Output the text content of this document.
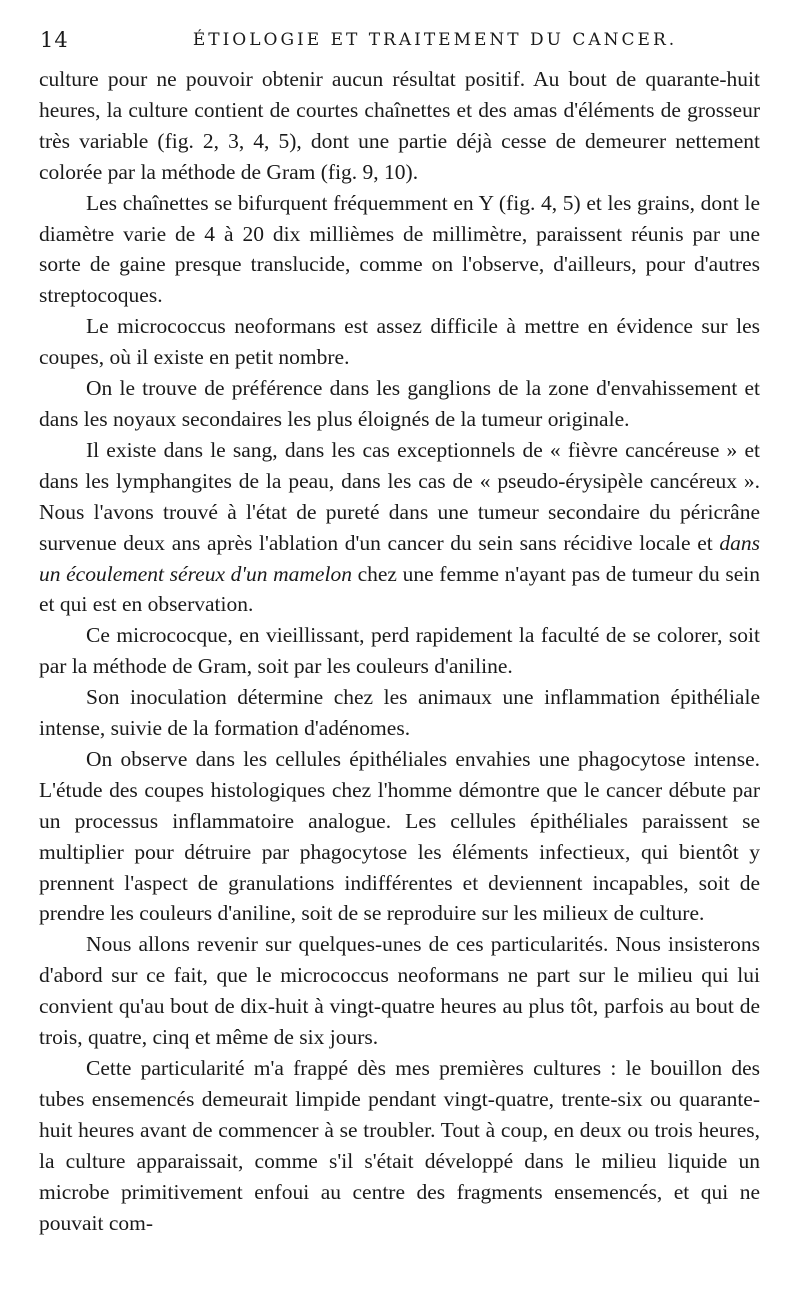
14	ÉTIOLOGIE ET TRAITEMENT DU CANCER.

culture pour ne pouvoir obtenir aucun résultat positif. Au bout de quarante-huit heures, la culture contient de courtes chaînettes et des amas d'éléments de grosseur très variable (fig. 2, 3, 4, 5), dont une partie déjà cesse de demeurer nettement colorée par la méthode de Gram (fig. 9, 10).

Les chaînettes se bifurquent fréquemment en Y (fig. 4, 5) et les grains, dont le diamètre varie de 4 à 20 dix millièmes de millimètre, paraissent réunis par une sorte de gaine presque translucide, comme on l'observe, d'ailleurs, pour d'autres streptocoques.

Le micrococcus neoformans est assez difficile à mettre en évidence sur les coupes, où il existe en petit nombre.

On le trouve de préférence dans les ganglions de la zone d'envahissement et dans les noyaux secondaires les plus éloignés de la tumeur originale.

Il existe dans le sang, dans les cas exceptionnels de « fièvre cancéreuse » et dans les lymphangites de la peau, dans les cas de « pseudo-érysipèle cancéreux ». Nous l'avons trouvé à l'état de pureté dans une tumeur secondaire du péricrâne survenue deux ans après l'ablation d'un cancer du sein sans récidive locale et dans un écoulement séreux d'un mamelon chez une femme n'ayant pas de tumeur du sein et qui est en observation.

Ce micrococque, en vieillissant, perd rapidement la faculté de se colorer, soit par la méthode de Gram, soit par les couleurs d'aniline.

Son inoculation détermine chez les animaux une inflammation épithéliale intense, suivie de la formation d'adénomes.

On observe dans les cellules épithéliales envahies une phagocytose intense. L'étude des coupes histologiques chez l'homme démontre que le cancer débute par un processus inflammatoire analogue. Les cellules épithéliales paraissent se multiplier pour détruire par phagocytose les éléments infectieux, qui bientôt y prennent l'aspect de granulations indifférentes et deviennent incapables, soit de prendre les couleurs d'aniline, soit de se reproduire sur les milieux de culture.

Nous allons revenir sur quelques-unes de ces particularités. Nous insisterons d'abord sur ce fait, que le micrococcus neoformans ne part sur le milieu qui lui convient qu'au bout de dix-huit à vingt-quatre heures au plus tôt, parfois au bout de trois, quatre, cinq et même de six jours.

Cette particularité m'a frappé dès mes premières cultures : le bouillon des tubes ensemencés demeurait limpide pendant vingt-quatre, trente-six ou quarante-huit heures avant de commencer à se troubler. Tout à coup, en deux ou trois heures, la culture apparaissait, comme s'il s'était développé dans le milieu liquide un microbe primitivement enfoui au centre des fragments ensemencés, et qui ne pouvait com-
